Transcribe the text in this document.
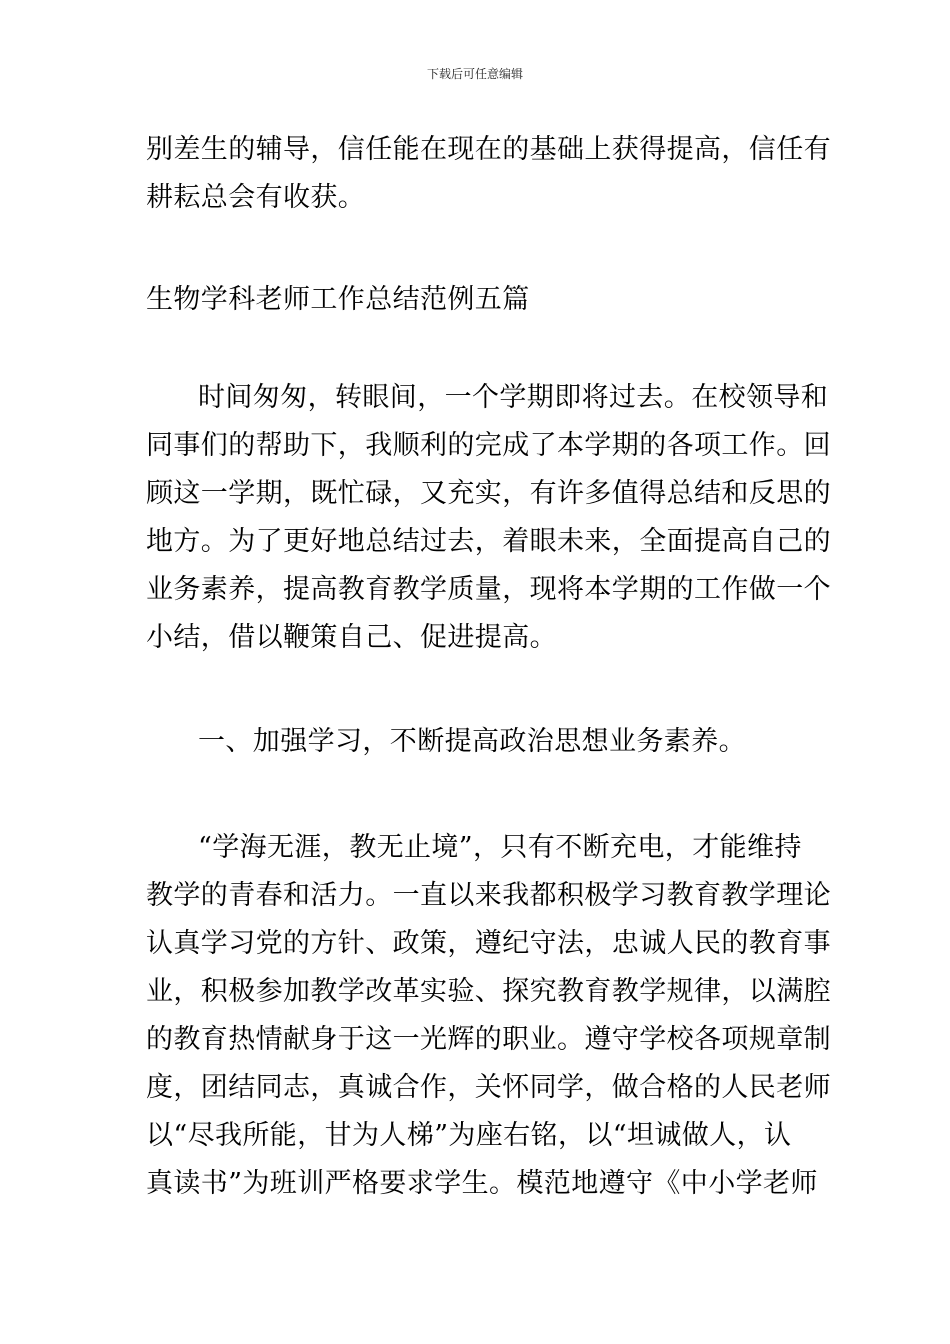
下载后可任意编辑
别差生的辅导，信任能在现在的基础上获得提高，信任有
耕耘总会有收获。
生物学科老师工作总结范例五篇
时间匆匆，转眼间，一个学期即将过去。在校领导和
同事们的帮助下，我顺利的完成了本学期的各项工作。回
顾这一学期，既忙碌，又充实，有许多值得总结和反思的
地方。为了更好地总结过去，着眼未来，全面提高自己的
业务素养，提高教育教学质量，现将本学期的工作做一个
小结，借以鞭策自己、促进提高。
一、加强学习，不断提高政治思想业务素养。
“学海无涯，教无止境”，只有不断充电，才能维持
教学的青春和活力。一直以来我都积极学习教育教学理论
认真学习党的方针、政策，遵纪守法，忠诚人民的教育事
业，积极参加教学改革实验、探究教育教学规律，以满腔
的教育热情献身于这一光辉的职业。遵守学校各项规章制
度，团结同志，真诚合作，关怀同学，做合格的人民老师
以“尽我所能，甘为人梯”为座右铭，以“坦诚做人，认
真读书”为班训严格要求学生。模范地遵守《中小学老师
